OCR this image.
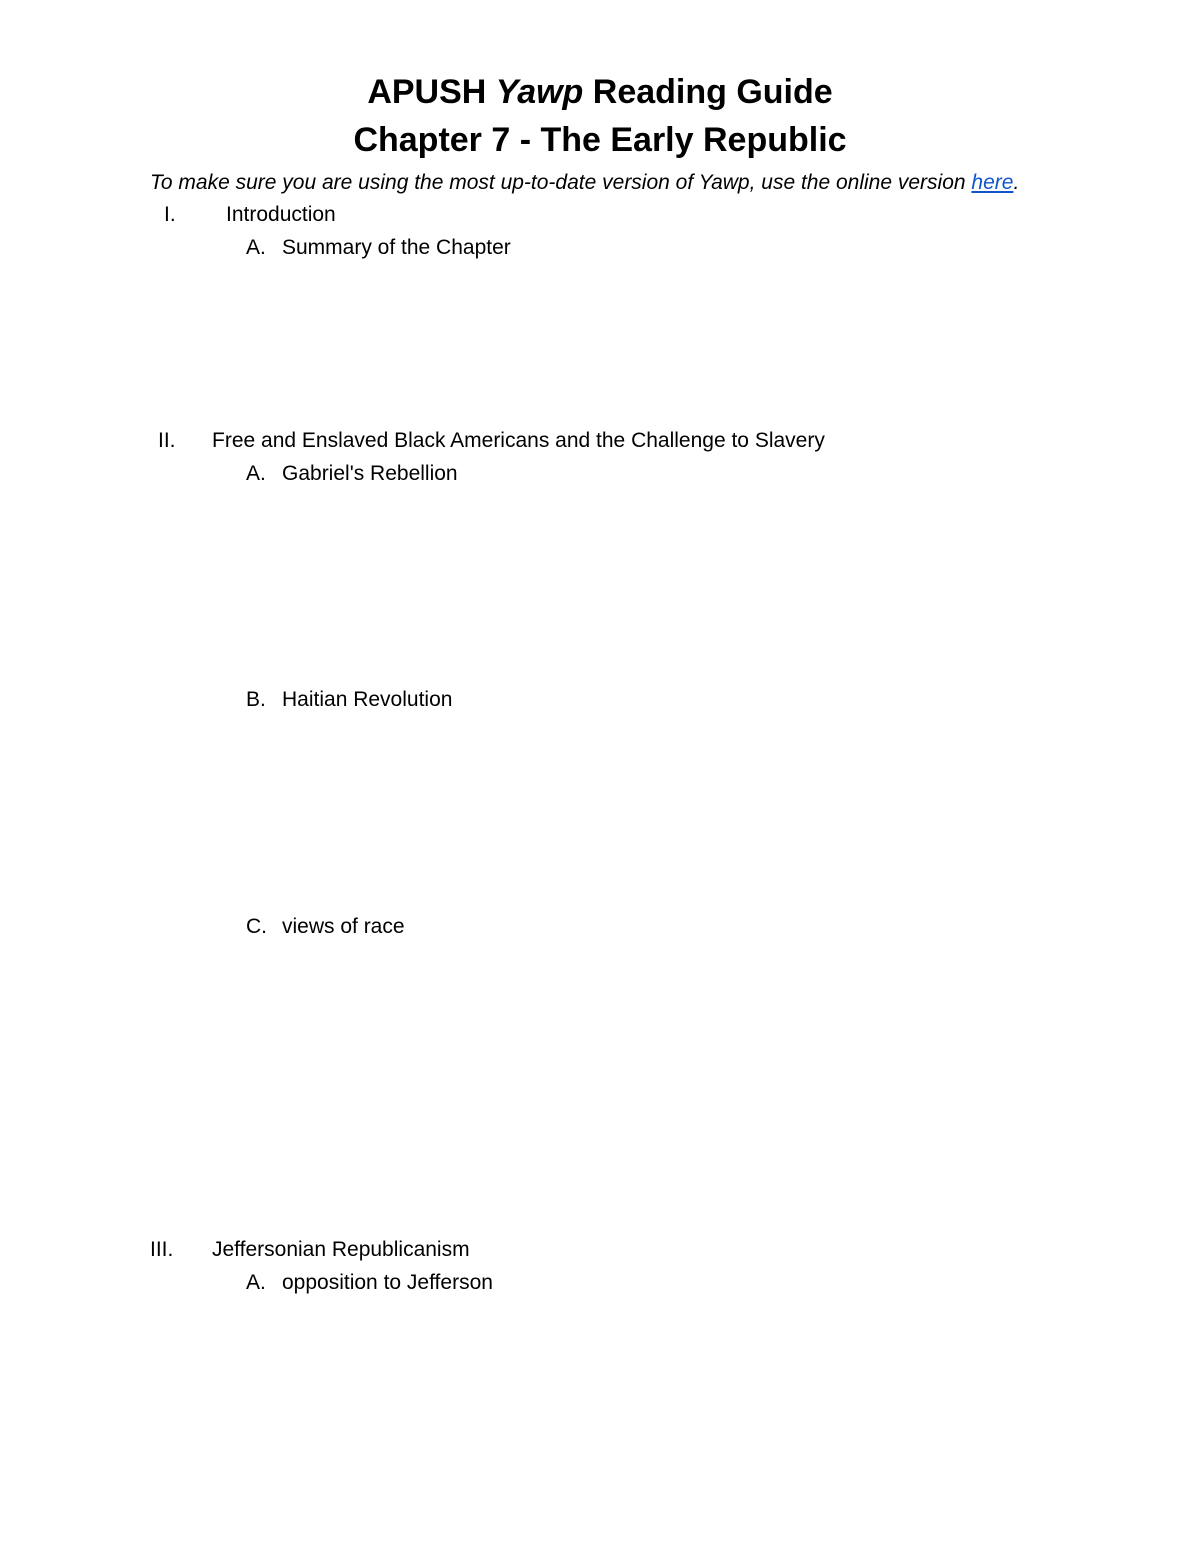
APUSH Yawp Reading Guide
Chapter 7 - The Early Republic
To make sure you are using the most up-to-date version of Yawp, use the online version here.
I. Introduction
A. Summary of the Chapter
II. Free and Enslaved Black Americans and the Challenge to Slavery
A. Gabriel's Rebellion
B. Haitian Revolution
C. views of race
III. Jeffersonian Republicanism
A. opposition to Jefferson
